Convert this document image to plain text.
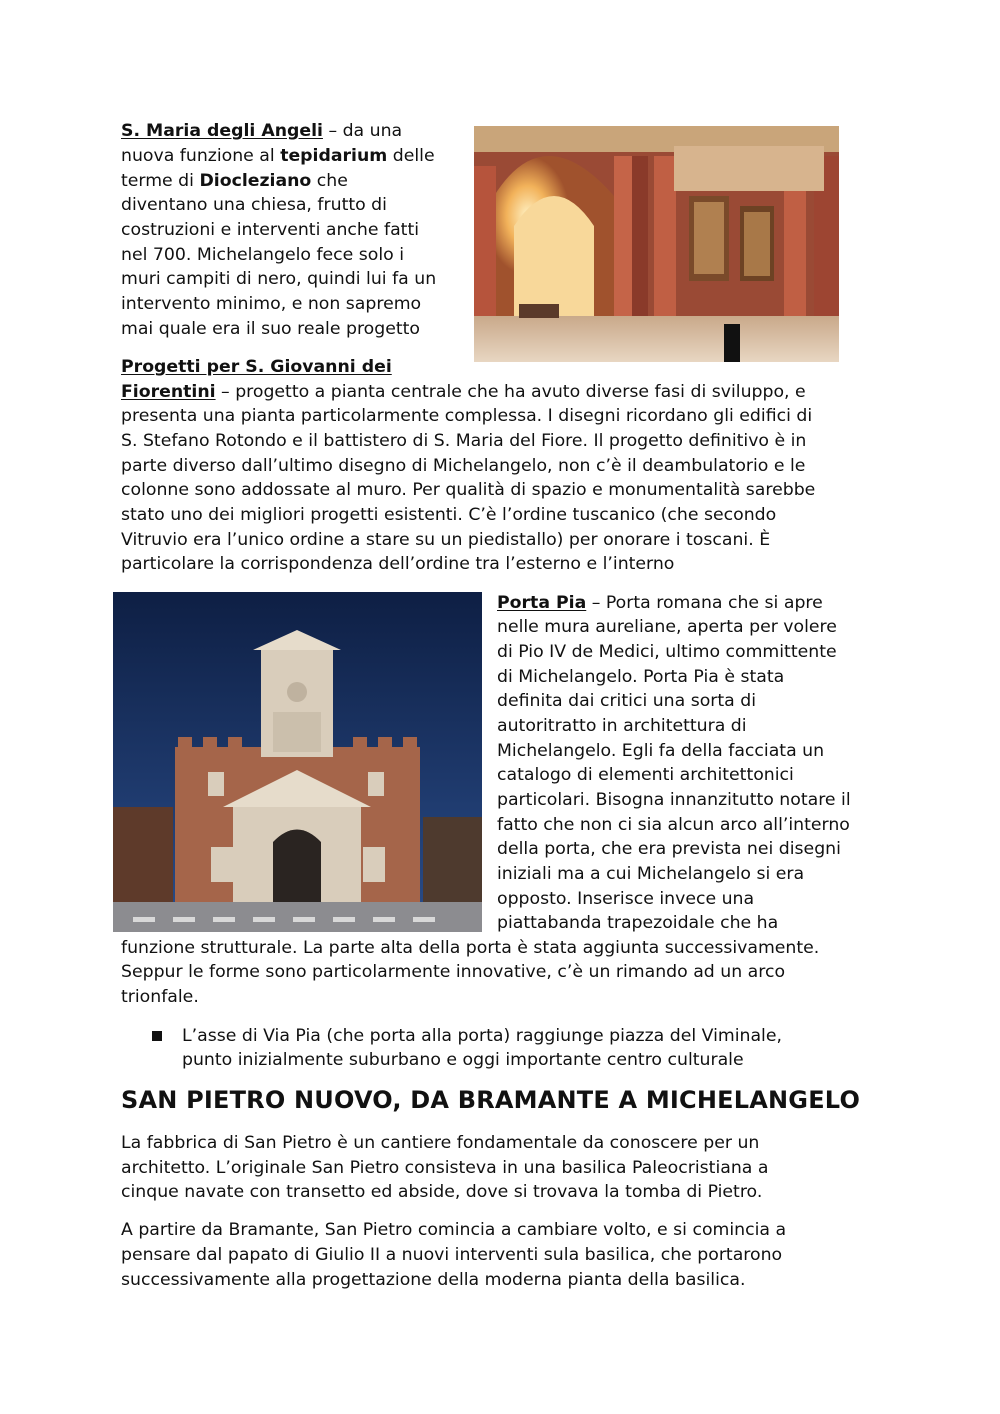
S. Maria degli Angeli – da una

nuova funzione al tepidarium delle

terme di Diocleziano che

diventano una chiesa, frutto di

costruzioni e interventi anche fatti

nel 700. Michelangelo fece solo i

muri campiti di nero, quindi lui fa un

intervento minimo, e non sapremo

mai quale era il suo reale progetto

Progetti per S. Giovanni dei

Fiorentini – progetto a pianta centrale che ha avuto diverse fasi di sviluppo, e

presenta una pianta particolarmente complessa. I disegni ricordano gli edifici di

S. Stefano Rotondo e il battistero di S. Maria del Fiore. Il progetto definitivo è in

parte diverso dall’ultimo disegno di Michelangelo, non c’è il deambulatorio e le

colonne sono addossate al muro. Per qualità di spazio e monumentalità sarebbe

stato uno dei migliori progetti esistenti. C’è l’ordine tuscanico (che secondo

Vitruvio era l’unico ordine a stare su un piedistallo) per onorare i toscani. È

particolare la corrispondenza dell’ordine tra l’esterno e l’interno

Porta Pia – Porta romana che si apre

nelle mura aureliane, aperta per volere

di Pio IV de Medici, ultimo committente

di Michelangelo. Porta Pia è stata

definita dai critici una sorta di

autoritratto in architettura di

Michelangelo. Egli fa della facciata un

catalogo di elementi architettonici

particolari. Bisogna innanzitutto notare il

fatto che non ci sia alcun arco all’interno

della porta, che era prevista nei disegni

iniziali ma a cui Michelangelo si era

opposto. Inserisce invece una

piattabanda trapezoidale che ha

funzione strutturale. La parte alta della porta è stata aggiunta successivamente.

Seppur le forme sono particolarmente innovative, c’è un rimando ad un arco

trionfale.

L’asse di Via Pia (che porta alla porta) raggiunge piazza del Viminale,

punto inizialmente suburbano e oggi importante centro culturale

SAN PIETRO NUOVO, DA BRAMANTE A MICHELANGELO

La fabbrica di San Pietro è un cantiere fondamentale da conoscere per un

architetto. L’originale San Pietro consisteva in una basilica Paleocristiana a

cinque navate con transetto ed abside, dove si trovava la tomba di Pietro.

A partire da Bramante, San Pietro comincia a cambiare volto, e si comincia a

pensare dal papato di Giulio II a nuovi interventi sula basilica, che portarono

successivamente alla progettazione della moderna pianta della basilica.
